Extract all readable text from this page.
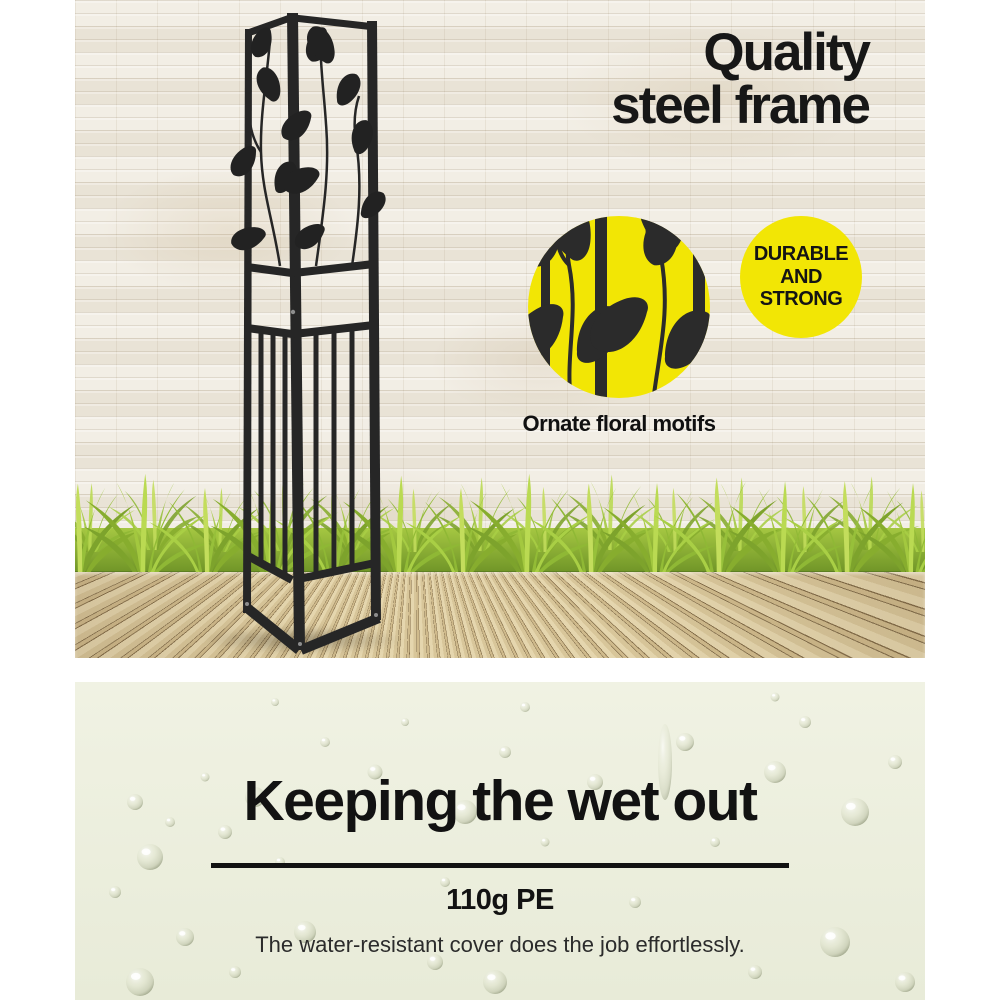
Quality
steel frame
Ornate floral motifs
DURABLE
AND
STRONG
Keeping the wet out
110g PE

The water-resistant cover does the job effortlessly.
